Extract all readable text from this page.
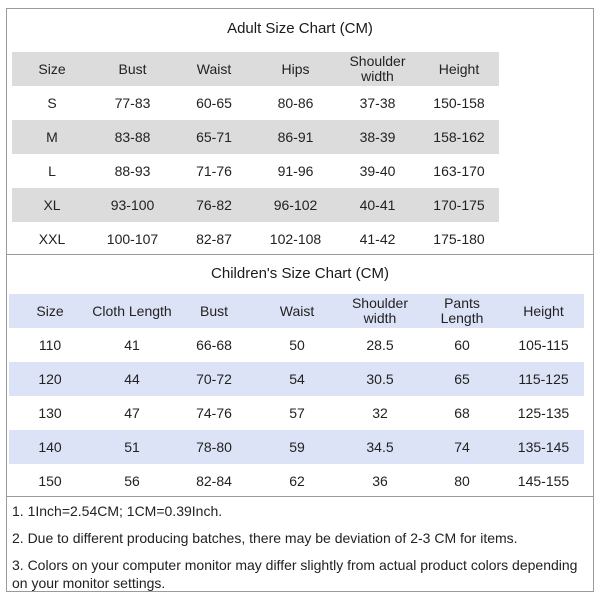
Adult Size Chart (CM)
Size	Bust	Waist	Hips	Shoulder width	Height
S	77-83	60-65	80-86	37-38	150-158
M	83-88	65-71	86-91	38-39	158-162
L	88-93	71-76	91-96	39-40	163-170
XL	93-100	76-82	96-102	40-41	170-175
XXL	100-107	82-87	102-108	41-42	175-180
Children's Size Chart (CM)
Size	Cloth Length	Bust	Waist	Shoulder width	Pants Length	Height
110	41	66-68	50	28.5	60	105-115
120	44	70-72	54	30.5	65	115-125
130	47	74-76	57	32	68	125-135
140	51	78-80	59	34.5	74	135-145
150	56	82-84	62	36	80	145-155
1. 1Inch=2.54CM; 1CM=0.39Inch.
2. Due to different producing batches, there may be deviation of 2-3 CM for items.
3. Colors on your computer monitor may differ slightly from actual product colors depending on your monitor settings.
